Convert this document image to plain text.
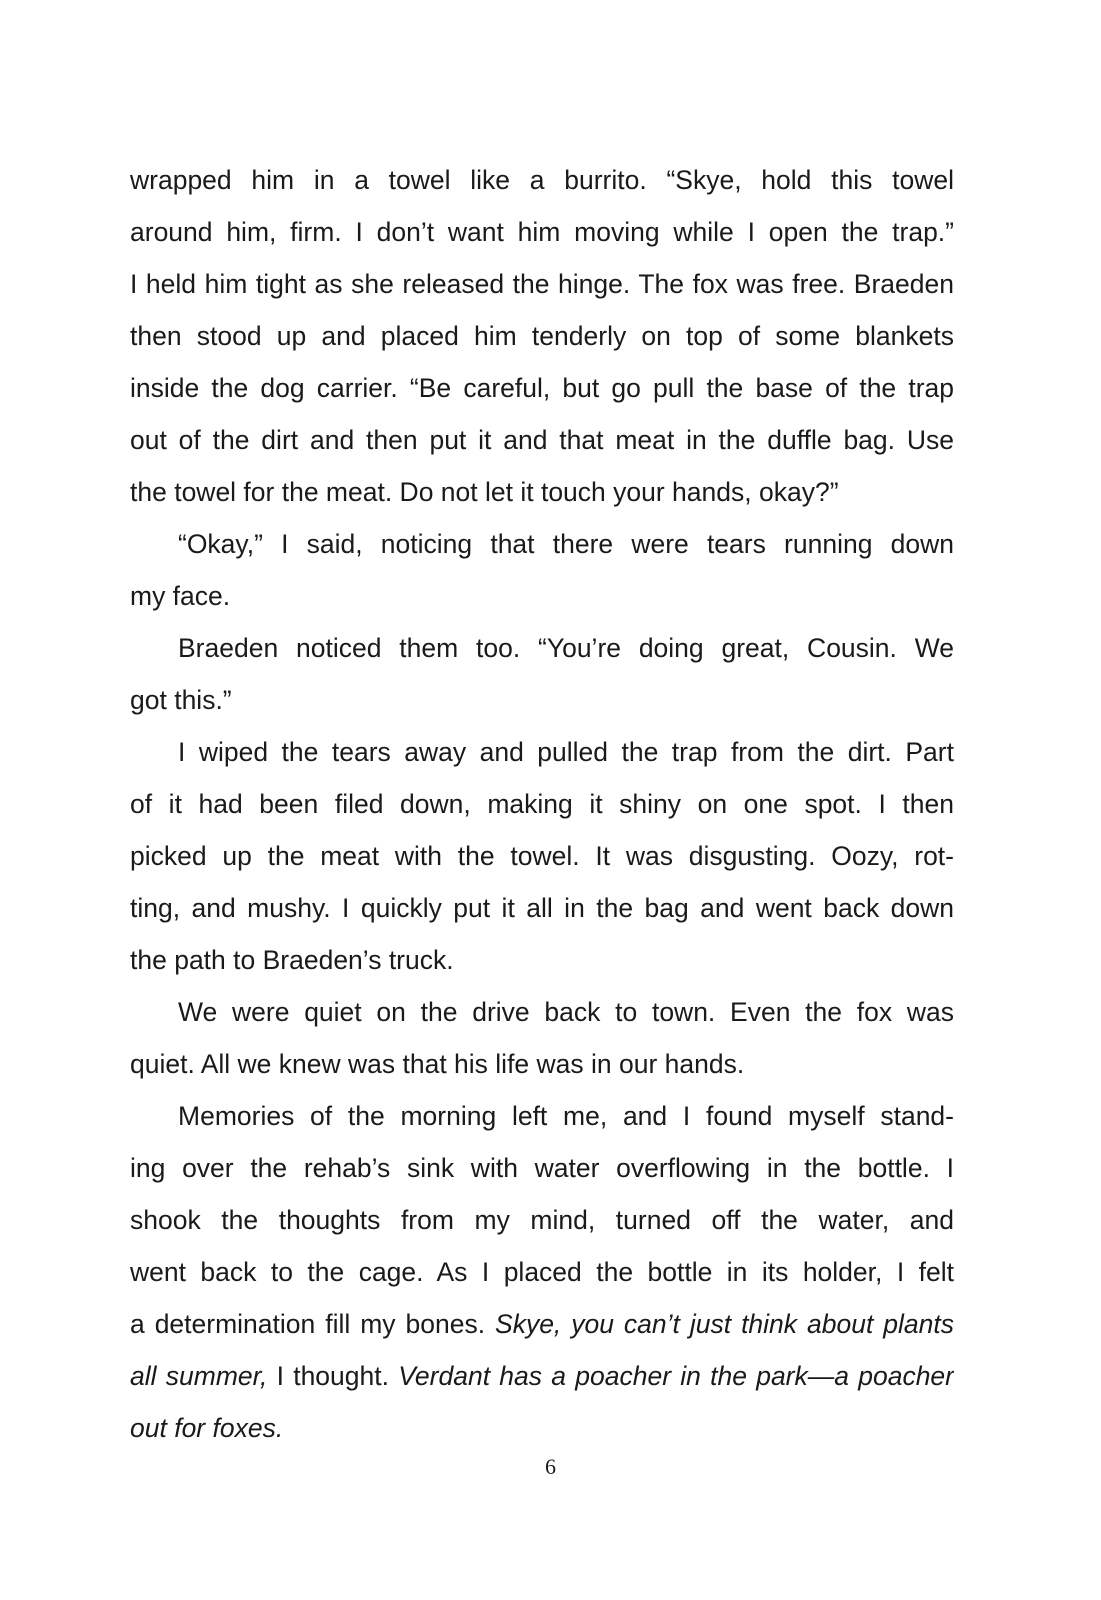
wrapped him in a towel like a burrito. “Skye, hold this towel
around him, firm. I don’t want him moving while I open the trap.”
I held him tight as she released the hinge. The fox was free. Braeden
then stood up and placed him tenderly on top of some blankets
inside the dog carrier. “Be careful, but go pull the base of the trap
out of the dirt and then put it and that meat in the duffle bag. Use
the towel for the meat. Do not let it touch your hands, okay?”
“Okay,” I said, noticing that there were tears running down
my face.
Braeden noticed them too. “You’re doing great, Cousin. We
got this.”
I wiped the tears away and pulled the trap from the dirt. Part
of it had been filed down, making it shiny on one spot. I then
picked up the meat with the towel. It was disgusting. Oozy, rot-
ting, and mushy. I quickly put it all in the bag and went back down
the path to Braeden’s truck.
We were quiet on the drive back to town. Even the fox was
quiet. All we knew was that his life was in our hands.
Memories of the morning left me, and I found myself stand-
ing over the rehab’s sink with water overflowing in the bottle. I
shook the thoughts from my mind, turned off the water, and
went back to the cage. As I placed the bottle in its holder, I felt
a determination fill my bones. Skye, you can’t just think about plants
all summer, I thought. Verdant has a poacher in the park—a poacher
out for foxes.
6
